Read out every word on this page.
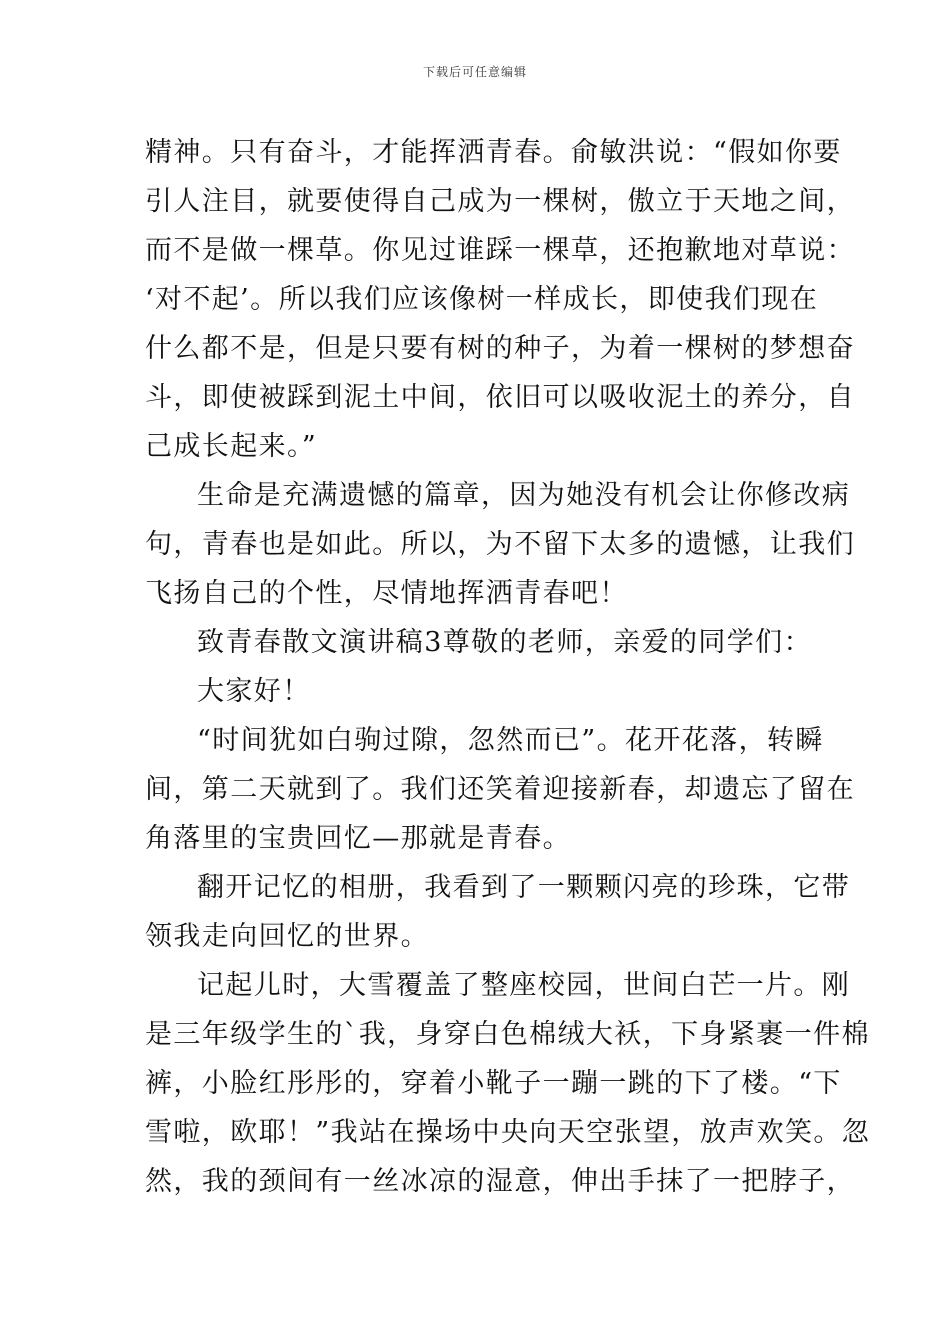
下载后可任意编辑
精神。只有奋斗，才能挥洒青春。俞敏洪说：“假如你要
引人注目，就要使得自己成为一棵树，傲立于天地之间，
而不是做一棵草。你见过谁踩一棵草，还抱歉地对草说：
‘对不起’。所以我们应该像树一样成长，即使我们现在
什么都不是，但是只要有树的种子，为着一棵树的梦想奋
斗，即使被踩到泥土中间，依旧可以吸收泥土的养分，自
己成长起来。”
生命是充满遗憾的篇章，因为她没有机会让你修改病
句，青春也是如此。所以，为不留下太多的遗憾，让我们
飞扬自己的个性，尽情地挥洒青春吧！
致青春散文演讲稿3尊敬的老师，亲爱的同学们：
大家好！
“时间犹如白驹过隙，忽然而已”。花开花落，转瞬
间，第二天就到了。我们还笑着迎接新春，却遗忘了留在
角落里的宝贵回忆—那就是青春。
翻开记忆的相册，我看到了一颗颗闪亮的珍珠，它带
领我走向回忆的世界。
记起儿时，大雪覆盖了整座校园，世间白芒一片。刚
是三年级学生的`我，身穿白色棉绒大袄，下身紧裹一件棉
裤，小脸红彤彤的，穿着小靴子一蹦一跳的下了楼。“下
雪啦，欧耶！”我站在操场中央向天空张望，放声欢笑。忽
然，我的颈间有一丝冰凉的湿意，伸出手抹了一把脖子，
